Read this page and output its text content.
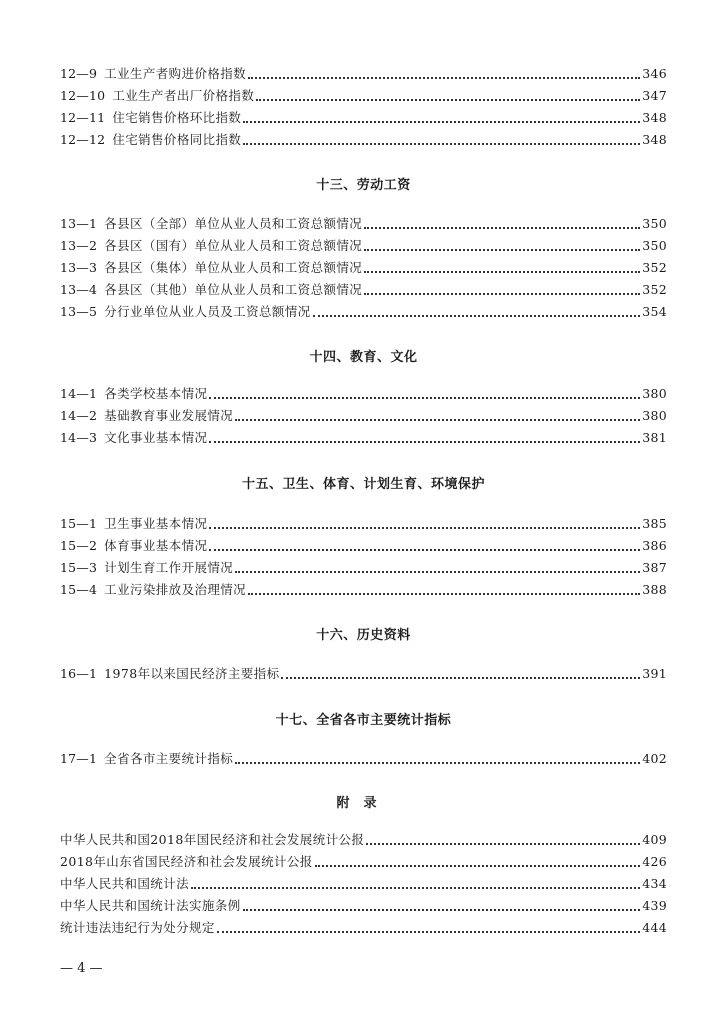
12—9 工业生产者购进价格指数	346
12—10 工业生产者出厂价格指数	347
12—11 住宅销售价格环比指数	348
12—12 住宅销售价格同比指数	348
十三、劳动工资
13—1 各县区（全部）单位从业人员和工资总额情况	350
13—2 各县区（国有）单位从业人员和工资总额情况	350
13—3 各县区（集体）单位从业人员和工资总额情况	352
13—4 各县区（其他）单位从业人员和工资总额情况	352
13—5 分行业单位从业人员及工资总额情况	354
十四、教育、文化
14—1 各类学校基本情况	380
14—2 基础教育事业发展情况	380
14—3 文化事业基本情况	381
十五、卫生、体育、计划生育、环境保护
15—1 卫生事业基本情况	385
15—2 体育事业基本情况	386
15—3 计划生育工作开展情况	387
15—4 工业污染排放及治理情况	388
十六、历史资料
16—1 1978年以来国民经济主要指标	391
十七、全省各市主要统计指标
17—1 全省各市主要统计指标	402
附录
中华人民共和国2018年国民经济和社会发展统计公报	409
2018年山东省国民经济和社会发展统计公报	426
中华人民共和国统计法	434
中华人民共和国统计法实施条例	439
统计违法违纪行为处分规定	444
— 4 —
